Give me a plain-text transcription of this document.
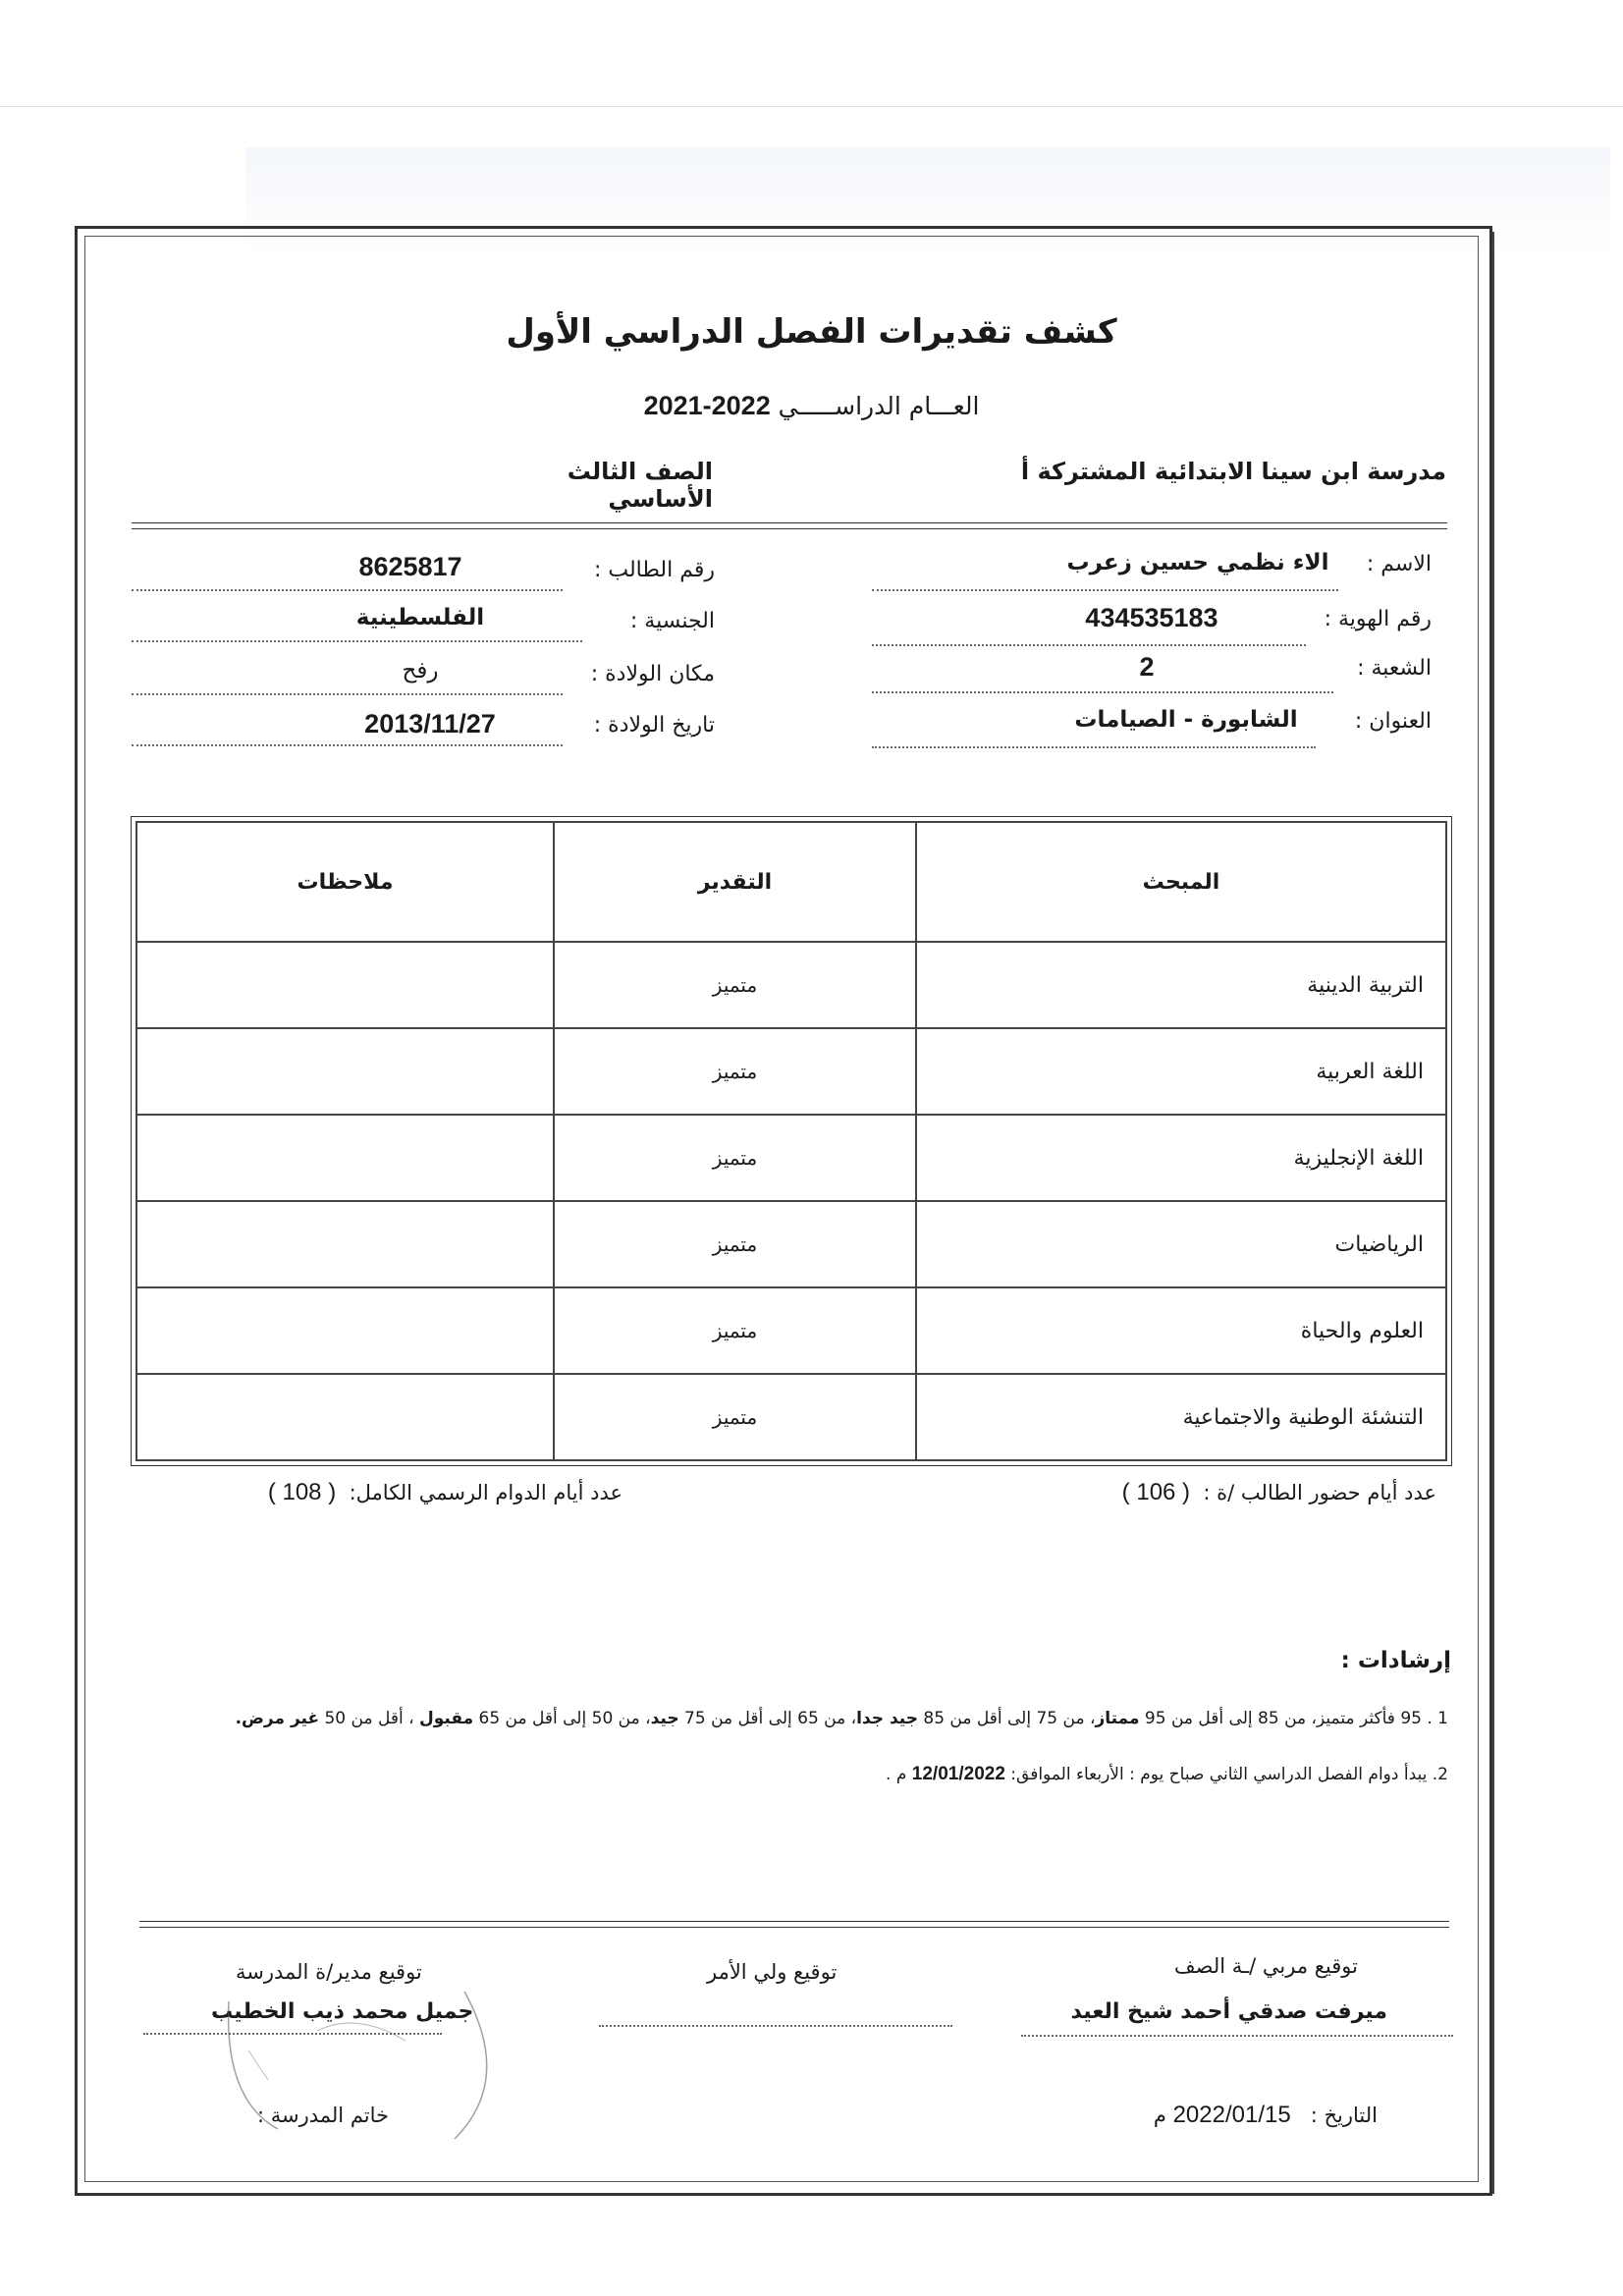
كشف تقديرات الفصل الدراسي الأول
العـــام الدراســـــي 2022-2021
مدرسة ابن سينا الابتدائية المشتركة أ
الصف الثالث الأساسي
الاسم :
الاء نظمي حسين زعرب
رقم الهوية :
434535183
الشعبة :
2
العنوان :
الشابورة - الصيامات
رقم الطالب :
8625817
الجنسية :
الفلسطينية
مكان الولادة :
رفح
تاريخ الولادة :
2013/11/27
المبحث	التقدير	ملاحظات
التربية الدينية	متميز	
اللغة العربية	متميز	
اللغة الإنجليزية	متميز	
الرياضيات	متميز	
العلوم والحياة	متميز	
التنشئة الوطنية والاجتماعية	متميز	
عدد أيام حضور الطالب /ة :  ( 106 )
عدد أيام الدوام الرسمي الكامل:  ( 108 )
إرشادات :
1 . 95 فأكثر متميز، من 85 إلى أقل من 95 ممتاز، من 75 إلى أقل من 85 جيد جدا، من 65 إلى أقل من 75 جيد، من 50 إلى أقل من 65 مقبول ، أقل من 50 غير مرض.
2. يبدأ دوام الفصل الدراسي الثاني صباح يوم : الأربعاء الموافق: 12/01/2022 م .
توقيع مربي /ـة الصف
ميرفت صدقي أحمد شيخ العيد
توقيع ولي الأمر
توقيع مدير/ة المدرسة
جميل محمد ذيب الخطيب
التاريخ :   2022/01/15 م
خاتم المدرسة :
